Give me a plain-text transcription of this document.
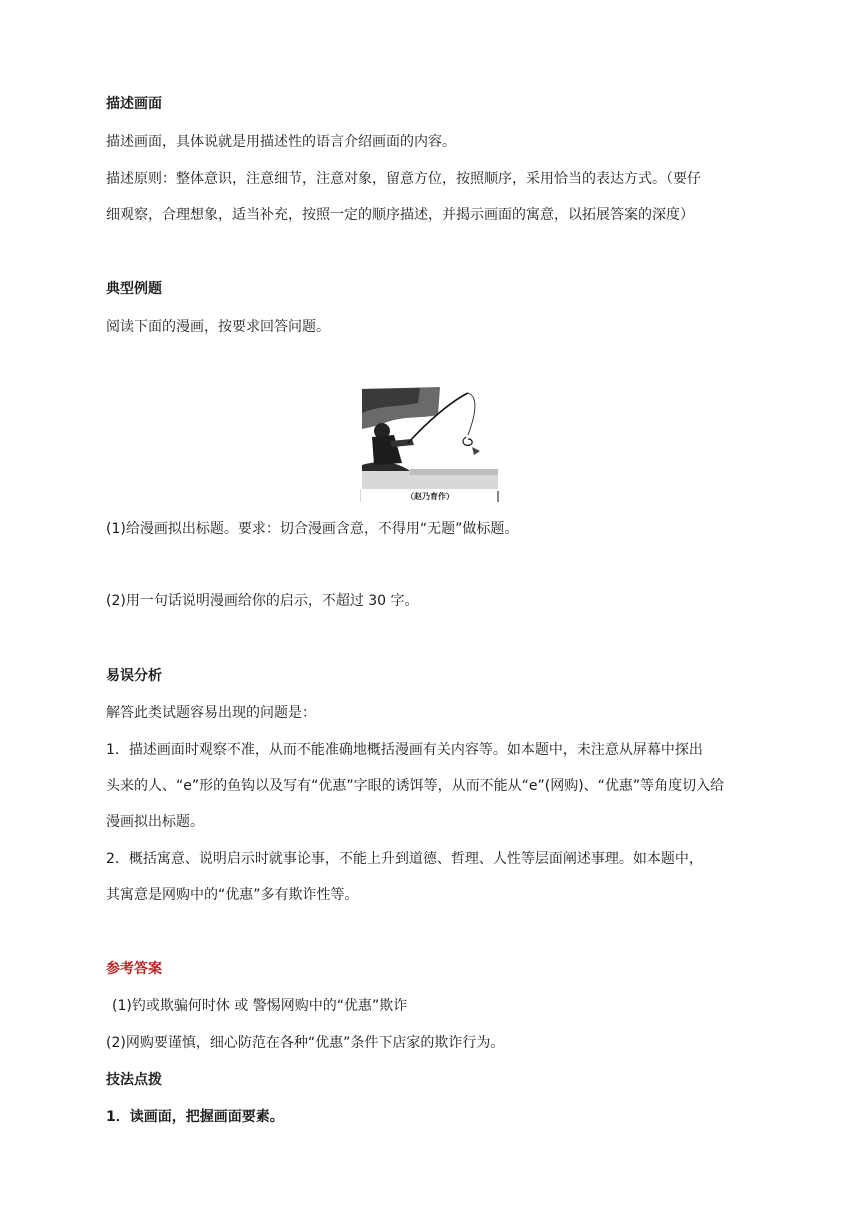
描述画面
描述画面，具体说就是用描述性的语言介绍画面的内容。
描述原则：整体意识，注意细节，注意对象，留意方位，按照顺序，采用恰当的表达方式。（要仔
细观察，合理想象，适当补充，按照一定的顺序描述，并揭示画面的寓意，以拓展答案的深度）
典型例题
阅读下面的漫画，按要求回答问题。
（赵乃育作）
(1)给漫画拟出标题。要求：切合漫画含意，不得用“无题”做标题。
(2)用一句话说明漫画给你的启示，不超过 30 字。
易误分析
解答此类试题容易出现的问题是：
1．描述画面时观察不准，从而不能准确地概括漫画有关内容等。如本题中，未注意从屏幕中探出
头来的人、“e”形的鱼钩以及写有“优惠”字眼的诱饵等，从而不能从“e”(网购)、“优惠”等角度切入给
漫画拟出标题。
2．概括寓意、说明启示时就事论事，不能上升到道德、哲理、人性等层面阐述事理。如本题中，
其寓意是网购中的“优惠”多有欺诈性等。
参考答案
(1)钓或欺骗何时休 或 警惕网购中的“优惠”欺诈
(2)网购要谨慎，细心防范在各种“优惠”条件下店家的欺诈行为。
技法点拨
1．读画面，把握画面要素。
